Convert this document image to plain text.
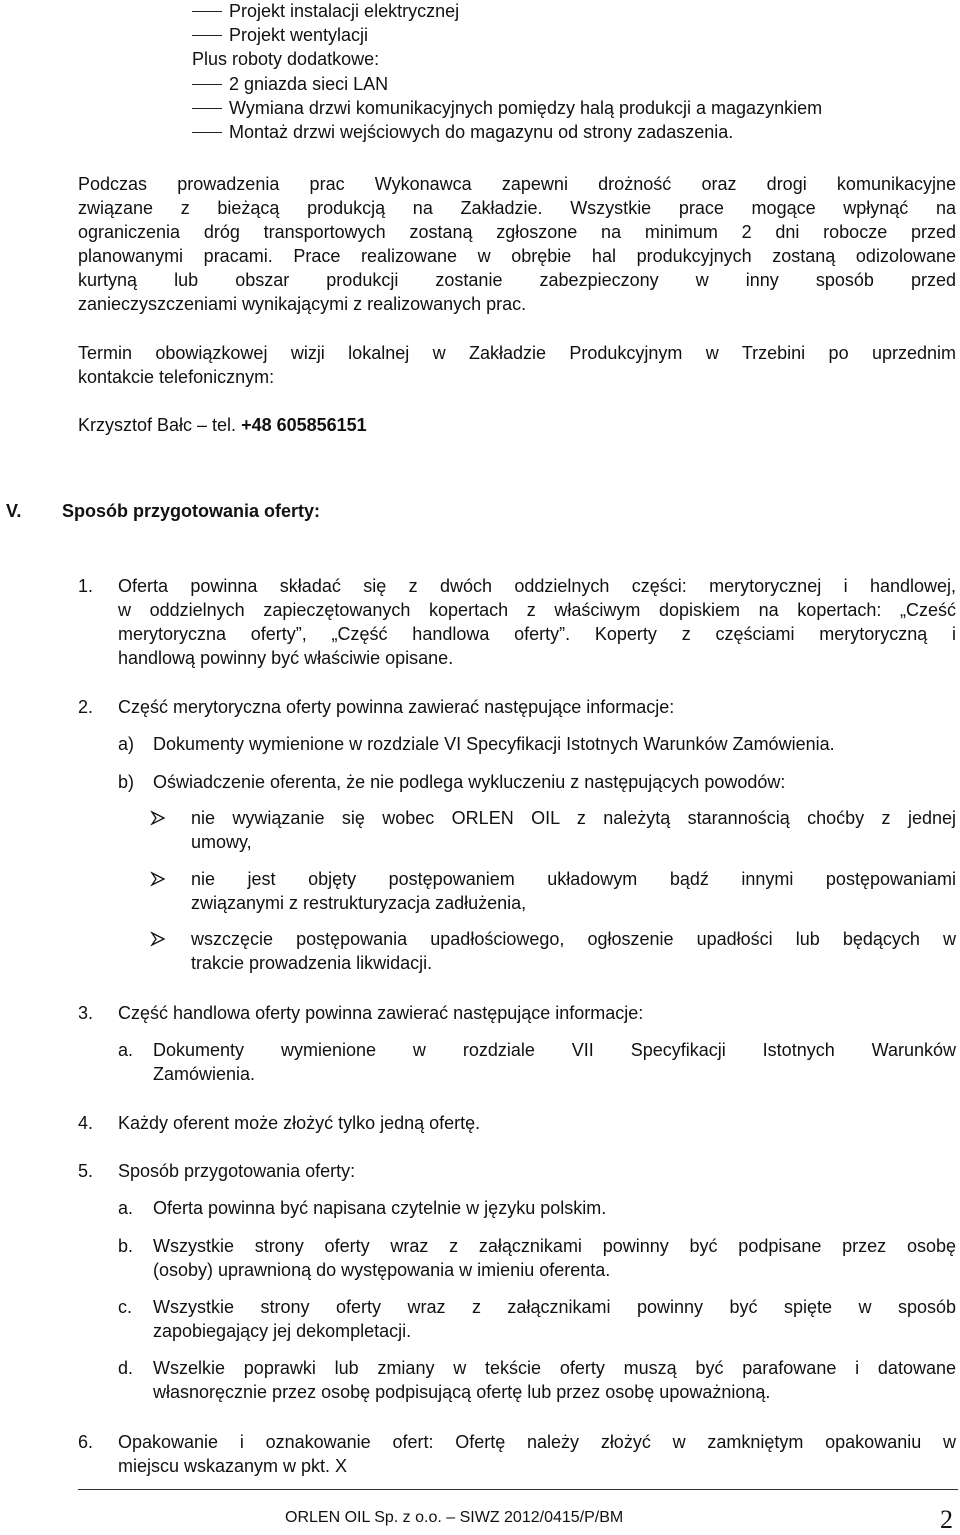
Projekt instalacji elektrycznej
Projekt wentylacji
Plus roboty dodatkowe:
2 gniazda sieci LAN
Wymiana drzwi komunikacyjnych pomiędzy halą produkcji a magazynkiem
Montaż drzwi wejściowych do magazynu od strony zadaszenia.
Podczas prowadzenia prac Wykonawca zapewni drożność oraz drogi komunikacyjne
związane z bieżącą produkcją na Zakładzie. Wszystkie prace mogące wpłynąć na
ograniczenia dróg transportowych zostaną zgłoszone na minimum 2 dni robocze przed
planowanymi pracami. Prace realizowane w obrębie hal produkcyjnych zostaną odizolowane
kurtyną lub obszar produkcji zostanie zabezpieczony w inny sposób przed
zanieczyszczeniami wynikającymi z realizowanych prac.
Termin obowiązkowej wizji lokalnej w Zakładzie Produkcyjnym w Trzebini po uprzednim
kontakcie telefonicznym:
Krzysztof Bałc – tel. +48 605856151
V. Sposób przygotowania oferty:
1. Oferta powinna składać się z dwóch oddzielnych części: merytorycznej i handlowej,
w oddzielnych zapieczętowanych kopertach z właściwym dopiskiem na kopertach: „Cześć
merytoryczna oferty”, „Część handlowa oferty”. Koperty z częściami merytoryczną i
handlową powinny być właściwie opisane.
2. Część merytoryczna oferty powinna zawierać następujące informacje:
a) Dokumenty wymienione w rozdziale VI Specyfikacji Istotnych Warunków Zamówienia.
b) Oświadczenie oferenta, że nie podlega wykluczeniu z następujących powodów:
nie wywiązanie się wobec ORLEN OIL z należytą starannością choćby z jednej
umowy,
nie jest objęty postępowaniem układowym bądź innymi postępowaniami
związanymi z restrukturyzacja zadłużenia,
wszczęcie postępowania upadłościowego, ogłoszenie upadłości lub będących w
trakcie prowadzenia likwidacji.
3. Część handlowa oferty powinna zawierać następujące informacje:
a. Dokumenty wymienione w rozdziale VII Specyfikacji Istotnych Warunków
Zamówienia.
4. Każdy oferent może złożyć tylko jedną ofertę.
5. Sposób przygotowania oferty:
a. Oferta powinna być napisana czytelnie w języku polskim.
b. Wszystkie strony oferty wraz z załącznikami powinny być podpisane przez osobę
(osoby) uprawnioną do występowania w imieniu oferenta.
c. Wszystkie strony oferty wraz z załącznikami powinny być spięte w sposób
zapobiegający jej dekompletacji.
d. Wszelkie poprawki lub zmiany w tekście oferty muszą być parafowane i datowane
własnoręcznie przez osobę podpisującą ofertę lub przez osobę upoważnioną.
6. Opakowanie i oznakowanie ofert: Ofertę należy złożyć w zamkniętym opakowaniu w
miejscu wskazanym w pkt. X
ORLEN OIL Sp. z o.o. – SIWZ 2012/0415/P/BM	2
